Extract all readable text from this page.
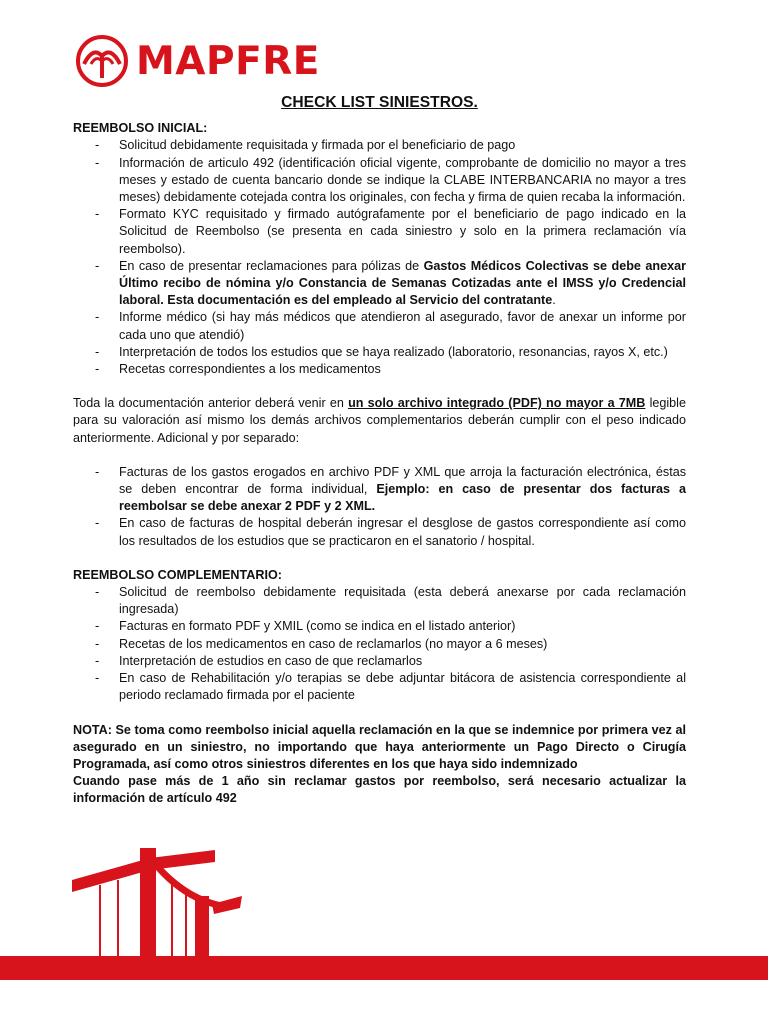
MAPFRE
CHECK LIST SINIESTROS.
REEMBOLSO INICIAL:
- Solicitud debidamente requisitada y firmada por el beneficiario de pago
- Información de articulo 492 (identificación oficial vigente, comprobante de domicilio no mayor a tres meses y estado de cuenta bancario donde se indique la CLABE INTERBANCARIA no mayor a tres meses) debidamente cotejada contra los originales, con fecha y firma de quien recaba la información.
- Formato KYC requisitado y firmado autógrafamente por el beneficiario de pago indicado en la Solicitud de Reembolso (se presenta en cada siniestro y solo en la primera reclamación vía reembolso).
- En caso de presentar reclamaciones para pólizas de Gastos Médicos Colectivas se debe anexar Último recibo de nómina y/o Constancia de Semanas Cotizadas ante el IMSS y/o Credencial laboral. Esta documentación es del empleado al Servicio del contratante.
- Informe médico (si hay más médicos que atendieron al asegurado, favor de anexar un informe por cada uno que atendió)
- Interpretación de todos los estudios que se haya realizado (laboratorio, resonancias, rayos X, etc.)
- Recetas correspondientes a los medicamentos

Toda la documentación anterior deberá venir en un solo archivo integrado (PDF) no mayor a 7MB legible para su valoración así mismo los demás archivos complementarios deberán cumplir con el peso indicado anteriormente. Adicional y por separado:

- Facturas de los gastos erogados en archivo PDF y XML que arroja la facturación electrónica, éstas se deben encontrar de forma individual, Ejemplo: en caso de presentar dos facturas a reembolsar se debe anexar 2 PDF y 2 XML.
- En caso de facturas de hospital deberán ingresar el desglose de gastos correspondiente así como los resultados de los estudios que se practicaron en el sanatorio / hospital.
REEMBOLSO COMPLEMENTARIO:
- Solicitud de reembolso debidamente requisitada (esta deberá anexarse por cada reclamación ingresada)
- Facturas en formato PDF y XMIL (como se indica en el listado anterior)
- Recetas de los medicamentos en caso de reclamarlos (no mayor a 6 meses)
- Interpretación de estudios en caso de que reclamarlos
- En caso de Rehabilitación y/o terapias se debe adjuntar bitácora de asistencia correspondiente al periodo reclamado firmada por el paciente

NOTA: Se toma como reembolso inicial aquella reclamación en la que se indemnice por primera vez al asegurado en un siniestro, no importando que haya anteriormente un Pago Directo o Cirugía Programada, así como otros siniestros diferentes en los que haya sido indemnizado

Cuando pase más de 1 año sin reclamar gastos por reembolso, será necesario actualizar la información de artículo 492
